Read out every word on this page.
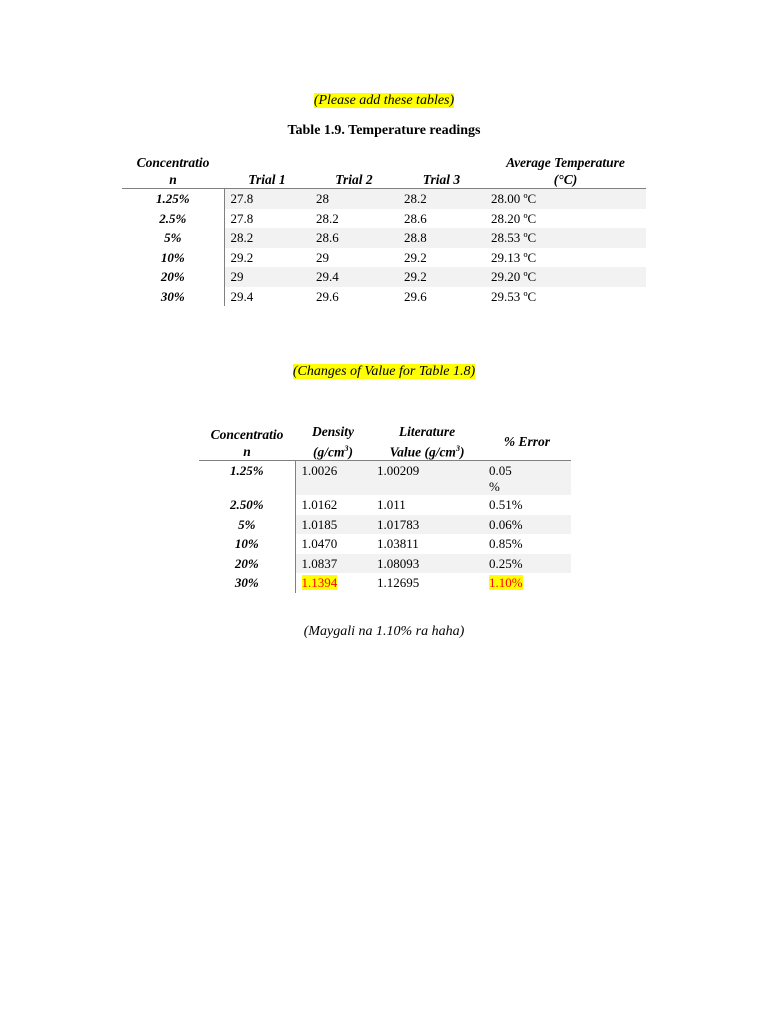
(Please add these tables)
Table 1.9. Temperature readings
Concentratio
n	Trial 1	Trial 2	Trial 3	Average Temperature
(°C)
1.25%	27.8	28	28.2	28.00 ºC
2.5%	27.8	28.2	28.6	28.20 ºC
5%	28.2	28.6	28.8	28.53 ºC
10%	29.2	29	29.2	29.13 ºC
20%	29	29.4	29.2	29.20 ºC
30%	29.4	29.6	29.6	29.53 ºC
(Changes of Value for Table 1.8)
Concentratio
n	Density
$(g/cm^3)$	Literature
Value $(g/cm^3)$	% Error
1.25%	1.0026	1.00209	0.05
%
2.50%	1.0162	1.011	0.51%
5%	1.0185	1.01783	0.06%
10%	1.0470	1.03811	0.85%
20%	1.0837	1.08093	0.25%
30%	1.1394	1.12695	1.10%
(Maygali na 1.10% ra haha)
